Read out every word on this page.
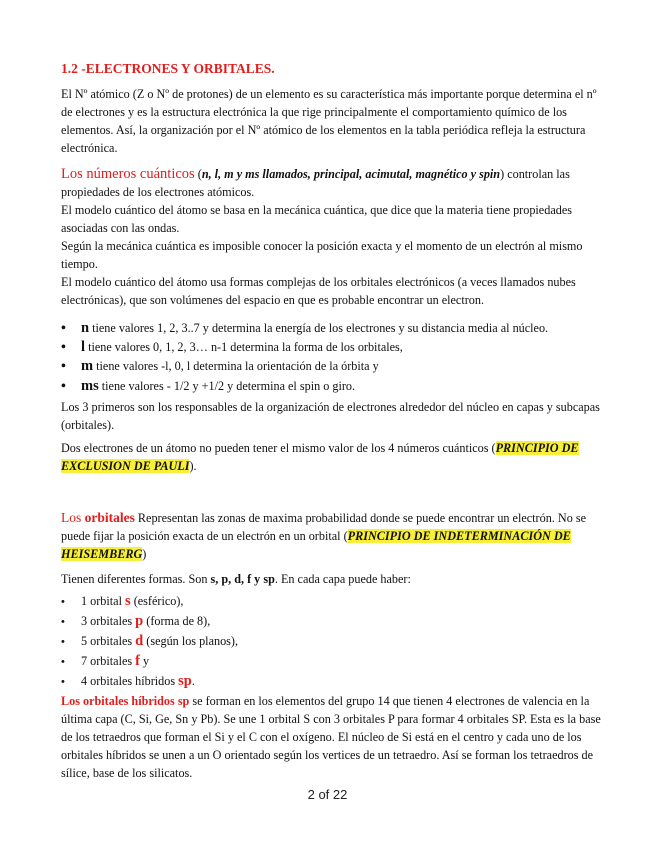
1.2 -ELECTRONES Y ORBITALES.
El Nº atómico (Z o Nº de protones) de un elemento es su característica más importante porque determina el nº de electrones y es la estructura electrónica la que rige principalmente el comportamiento químico de los elementos. Así, la organización por el Nº atómico de los elementos en la tabla periódica refleja la estructura electrónica.
Los números cuánticos (n, l, m y ms llamados, principal, acimutal, magnético y spin) controlan las propiedades de los electrones atómicos.
El modelo cuántico del átomo se basa en la mecánica cuántica, que dice que la materia tiene propiedades asociadas con las ondas.
Según la mecánica cuántica es imposible conocer la posición exacta y el momento de un electrón al mismo tiempo.
El modelo cuántico del átomo usa formas complejas de los orbitales electrónicos (a veces llamados nubes electrónicas), que son volúmenes del espacio en que es probable encontrar un electron.
• n tiene valores 1, 2, 3..7 y determina la energía de los electrones y su distancia media al núcleo.
• l tiene valores 0, 1, 2, 3… n-1 determina la forma de los orbitales,
• m tiene valores -l, 0, l determina la orientación de la órbita y
• ms tiene valores - 1/2 y +1/2 y determina el spin o giro.
Los 3 primeros son los responsables de la organización de electrones alrededor del núcleo en capas y subcapas (orbitales).
Dos electrones de un átomo no pueden tener el mismo valor de los 4 números cuánticos (PRINCIPIO DE EXCLUSION DE PAULI).
Los orbitales Representan las zonas de maxima probabilidad donde se puede encontrar un electrón. No se puede fijar la posición exacta de un electrón en un orbital (PRINCIPIO DE INDETERMINACIÓN DE HEISEMBERG)
Tienen diferentes formas. Son s, p, d, f y sp. En cada capa puede haber:
• 1 orbital s (esférico),
• 3 orbitales p (forma de 8),
• 5 orbitales d (según los planos),
• 7 orbitales f y
• 4 orbitales híbridos sp.
Los orbitales híbridos sp se forman en los elementos del grupo 14 que tienen 4 electrones de valencia en la última capa (C, Si, Ge, Sn y Pb). Se une 1 orbital S con 3 orbitales P para formar 4 orbitales SP. Esta es la base de los tetraedros que forman el Si y el C con el oxígeno. El núcleo de Si está en el centro y cada uno de los orbitales híbridos se unen a un O orientado según los vertices de un tetraedro. Así se forman los tetraedros de sílice, base de los silicatos.
2 of 22
